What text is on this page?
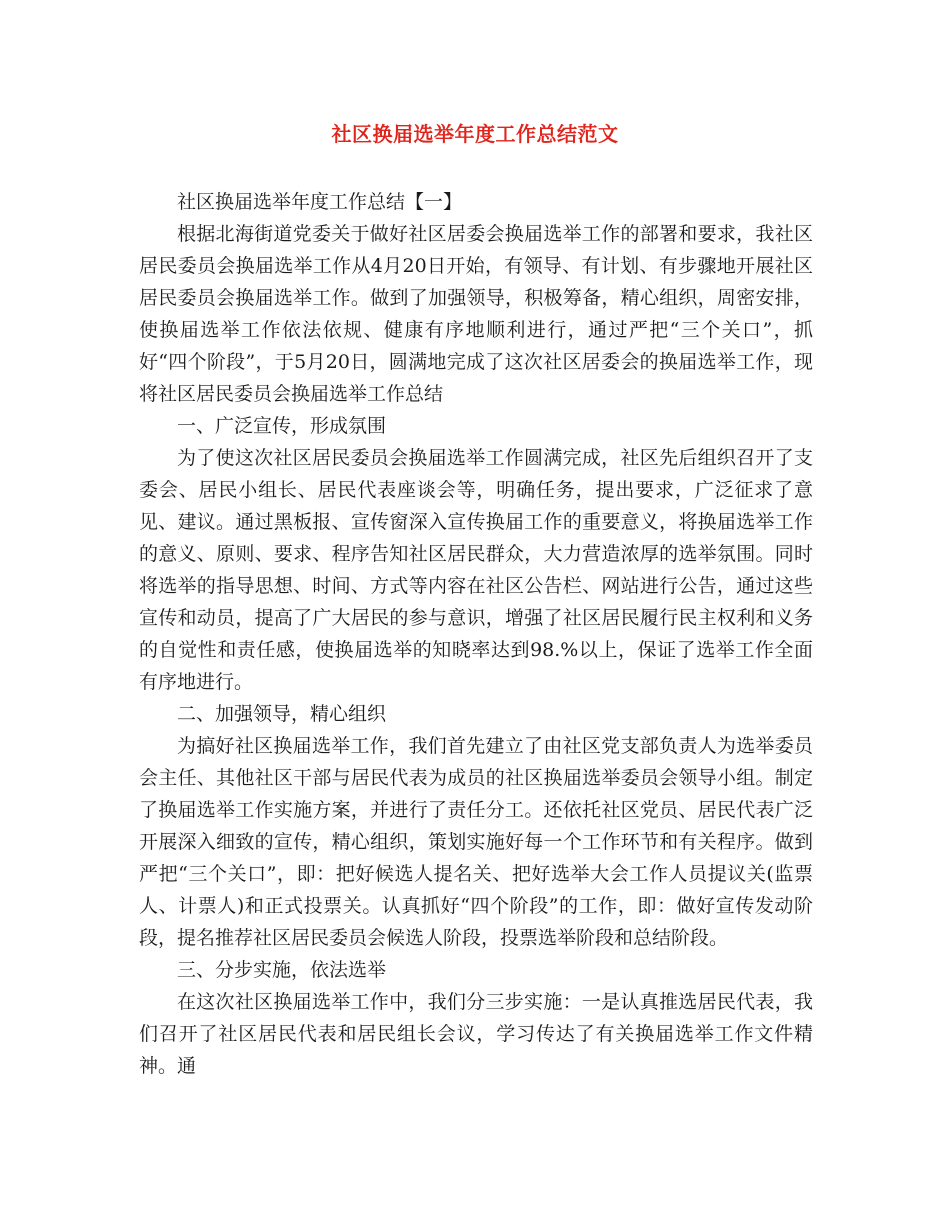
社区换届选举年度工作总结范文

社区换届选举年度工作总结【一】

根据北海街道党委关于做好社区居委会换届选举工作的部署和要求，我社区居民委员会换届选举工作从4月20日开始，有领导、有计划、有步骤地开展社区居民委员会换届选举工作。做到了加强领导，积极筹备，精心组织，周密安排，使换届选举工作依法依规、健康有序地顺利进行，通过严把“三个关口”，抓好“四个阶段”，于5月20日，圆满地完成了这次社区居委会的换届选举工作，现将社区居民委员会换届选举工作总结

一、广泛宣传，形成氛围

为了使这次社区居民委员会换届选举工作圆满完成，社区先后组织召开了支委会、居民小组长、居民代表座谈会等，明确任务，提出要求，广泛征求了意见、建议。通过黑板报、宣传窗深入宣传换届工作的重要意义，将换届选举工作的意义、原则、要求、程序告知社区居民群众，大力营造浓厚的选举氛围。同时将选举的指导思想、时间、方式等内容在社区公告栏、网站进行公告，通过这些宣传和动员，提高了广大居民的参与意识，增强了社区居民履行民主权利和义务的自觉性和责任感，使换届选举的知晓率达到98.%以上，保证了选举工作全面有序地进行。

二、加强领导，精心组织

为搞好社区换届选举工作，我们首先建立了由社区党支部负责人为选举委员会主任、其他社区干部与居民代表为成员的社区换届选举委员会领导小组。制定了换届选举工作实施方案，并进行了责任分工。还依托社区党员、居民代表广泛开展深入细致的宣传，精心组织，策划实施好每一个工作环节和有关程序。做到严把“三个关口”，即：把好候选人提名关、把好选举大会工作人员提议关(监票人、计票人)和正式投票关。认真抓好“四个阶段”的工作，即：做好宣传发动阶段，提名推荐社区居民委员会候选人阶段，投票选举阶段和总结阶段。

三、分步实施，依法选举

在这次社区换届选举工作中，我们分三步实施：一是认真推选居民代表，我们召开了社区居民代表和居民组长会议，学习传达了有关换届选举工作文件精神。通
